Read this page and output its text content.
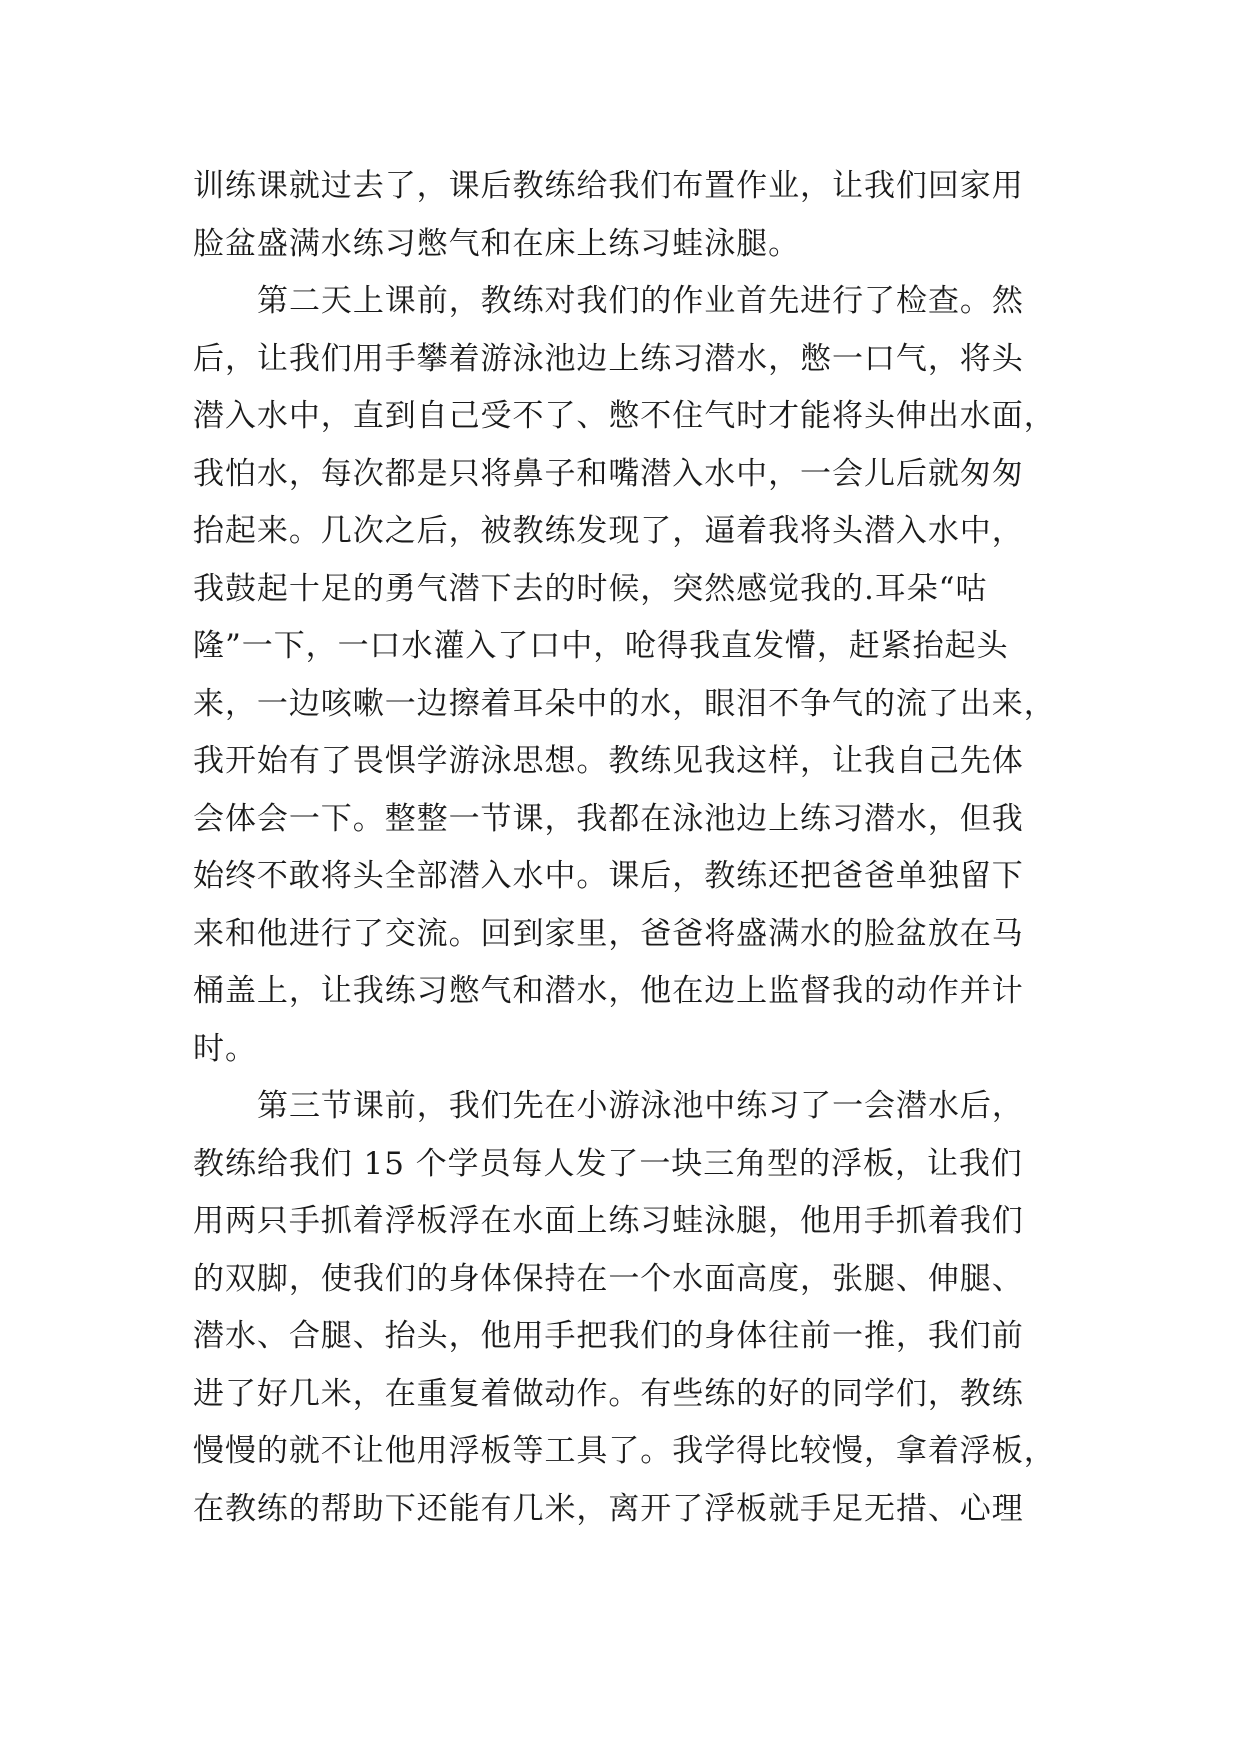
训练课就过去了，课后教练给我们布置作业，让我们回家用
脸盆盛满水练习憋气和在床上练习蛙泳腿。
第二天上课前，教练对我们的作业首先进行了检查。然
后，让我们用手攀着游泳池边上练习潜水，憋一口气，将头
潜入水中，直到自己受不了、憋不住气时才能将头伸出水面，
我怕水，每次都是只将鼻子和嘴潜入水中，一会儿后就匆匆
抬起来。几次之后，被教练发现了，逼着我将头潜入水中，
我鼓起十足的勇气潜下去的时候，突然感觉我的.耳朵“咕
隆”一下，一口水灌入了口中，呛得我直发懵，赶紧抬起头
来，一边咳嗽一边擦着耳朵中的水，眼泪不争气的流了出来，
我开始有了畏惧学游泳思想。教练见我这样，让我自己先体
会体会一下。整整一节课，我都在泳池边上练习潜水，但我
始终不敢将头全部潜入水中。课后，教练还把爸爸单独留下
来和他进行了交流。回到家里，爸爸将盛满水的脸盆放在马
桶盖上，让我练习憋气和潜水，他在边上监督我的动作并计
时。
第三节课前，我们先在小游泳池中练习了一会潜水后，
教练给我们 15 个学员每人发了一块三角型的浮板，让我们
用两只手抓着浮板浮在水面上练习蛙泳腿，他用手抓着我们
的双脚，使我们的身体保持在一个水面高度，张腿、伸腿、
潜水、合腿、抬头，他用手把我们的身体往前一推，我们前
进了好几米，在重复着做动作。有些练的好的同学们，教练
慢慢的就不让他用浮板等工具了。我学得比较慢，拿着浮板，
在教练的帮助下还能有几米，离开了浮板就手足无措、心理
